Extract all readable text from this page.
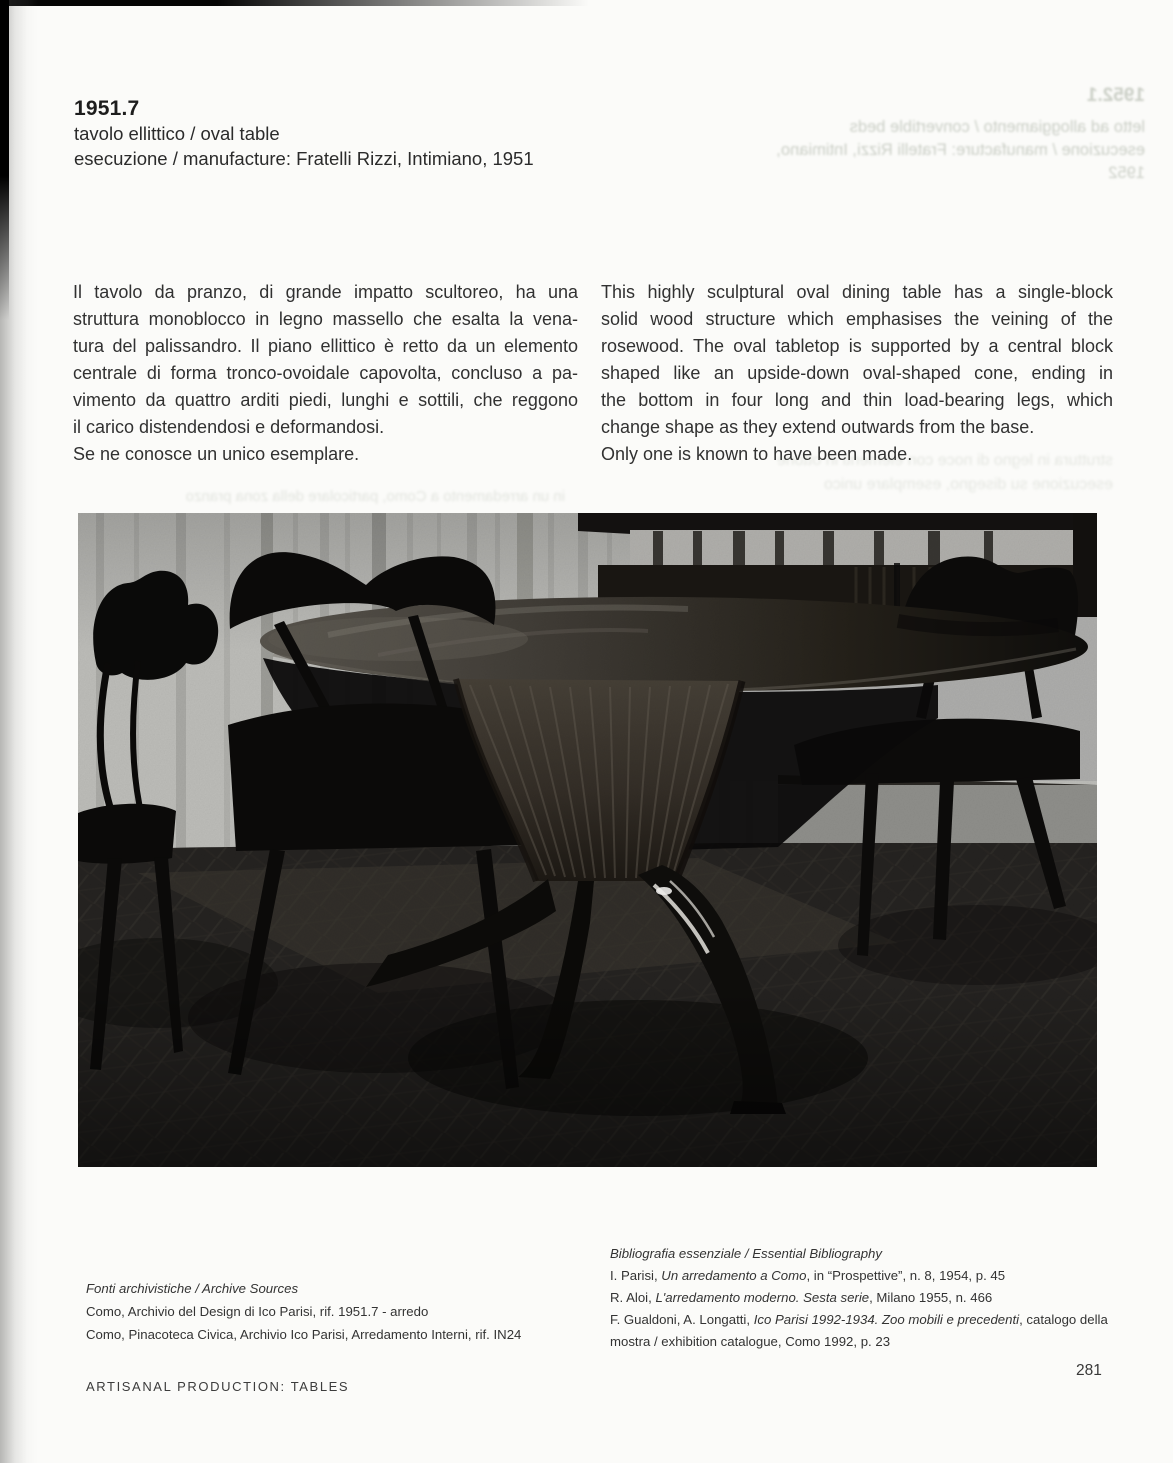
1952.1
letto ad alloggiamento / convertible beds
esecuzione / manufacture: Fratelli Rizzi, Intimiano, 1952
1951.7
tavolo ellittico / oval table
esecuzione / manufacture: Fratelli Rizzi, Intimiano, 1951
Il tavolo da pranzo, di grande impatto scultoreo, ha una
struttura monoblocco in legno massello che esalta la vena-
tura del palissandro. Il piano ellittico è retto da un elemento
centrale di forma tronco-ovoidale capovolta, concluso a pa-
vimento da quattro arditi piedi, lunghi e sottili, che reggono
il carico distendendosi e deformandosi.
Se ne conosce un unico esemplare.
This highly sculptural oval dining table has a single-block
solid wood structure which emphasises the veining of the
rosewood. The oval tabletop is supported by a central block
shaped like an upside-down oval-shaped cone, ending in
the bottom in four long and thin load-bearing legs, which
change shape as they extend outwards from the base.
Only one is known to have been made.
struttura in legno di noce con elementi in ottone
esecuzione su disegno, esemplare unico
in un arredamento a Como, particolare della zona pranzo
Fonti archivistiche / Archive Sources
Como, Archivio del Design di Ico Parisi, rif. 1951.7 - arredo
Como, Pinacoteca Civica, Archivio Ico Parisi, Arredamento Interni, rif. IN24
Bibliografia essenziale / Essential Bibliography
I. Parisi, Un arredamento a Como, in “Prospettive”, n. 8, 1954, p. 45
R. Aloi, L'arredamento moderno. Sesta serie, Milano 1955, n. 466
F. Gualdoni, A. Longatti, Ico Parisi 1992-1934. Zoo mobili e precedenti, catalogo della mostra / exhibition catalogue, Como 1992, p. 23
ARTISANAL PRODUCTION: TABLES
281
